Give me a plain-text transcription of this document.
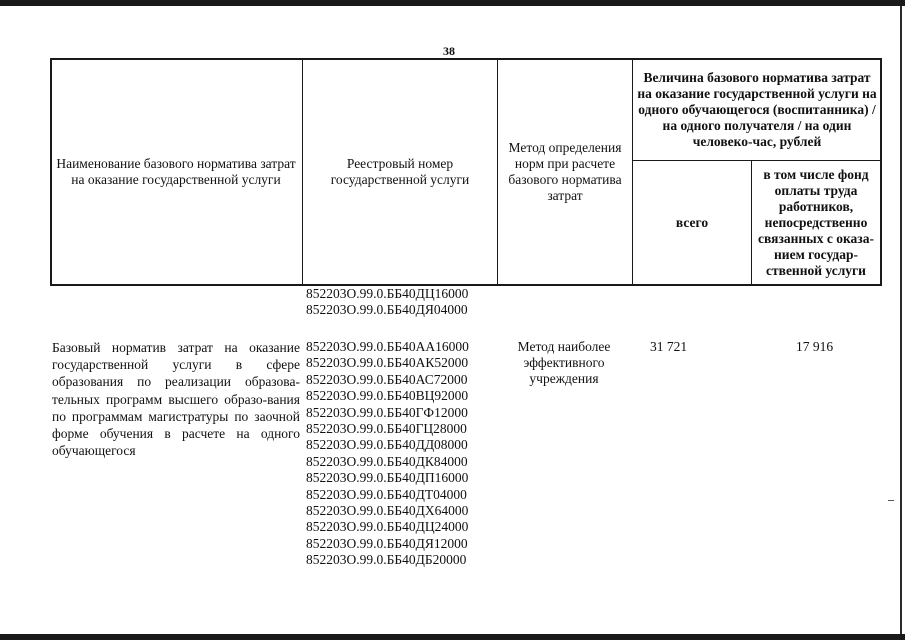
38
Наименование базового норматива затрат на оказание государственной услуги
Реестровый номер государственной услуги
Метод определения норм при расчете базового норматива затрат
Величина базового норматива затрат на оказание государственной услуги на одного обучающегося (воспитанника) / на одного получателя / на один человеко-час, рублей
всего
в том числе фонд оплаты труда работников, непосредственно связанных с оказа-нием государ-ственной услуги
852203О.99.0.ББ40ДЦ16000
852203О.99.0.ББ40ДЯ04000
Базовый норматив затрат на оказание государственной услуги в сфере образования по реализации образова-тельных программ высшего образо-вания по программам магистратуры по заочной форме обучения в расчете на одного обучающегося
852203О.99.0.ББ40АА16000
852203О.99.0.ББ40АК52000
852203О.99.0.ББ40АС72000
852203О.99.0.ББ40ВЦ92000
852203О.99.0.ББ40ГФ12000
852203О.99.0.ББ40ГЦ28000
852203О.99.0.ББ40ДД08000
852203О.99.0.ББ40ДК84000
852203О.99.0.ББ40ДП16000
852203О.99.0.ББ40ДТ04000
852203О.99.0.ББ40ДХ64000
852203О.99.0.ББ40ДЦ24000
852203О.99.0.ББ40ДЯ12000
852203О.99.0.ББ40ДБ20000
Метод наиболее эффективного учреждения
31 721	17 916
